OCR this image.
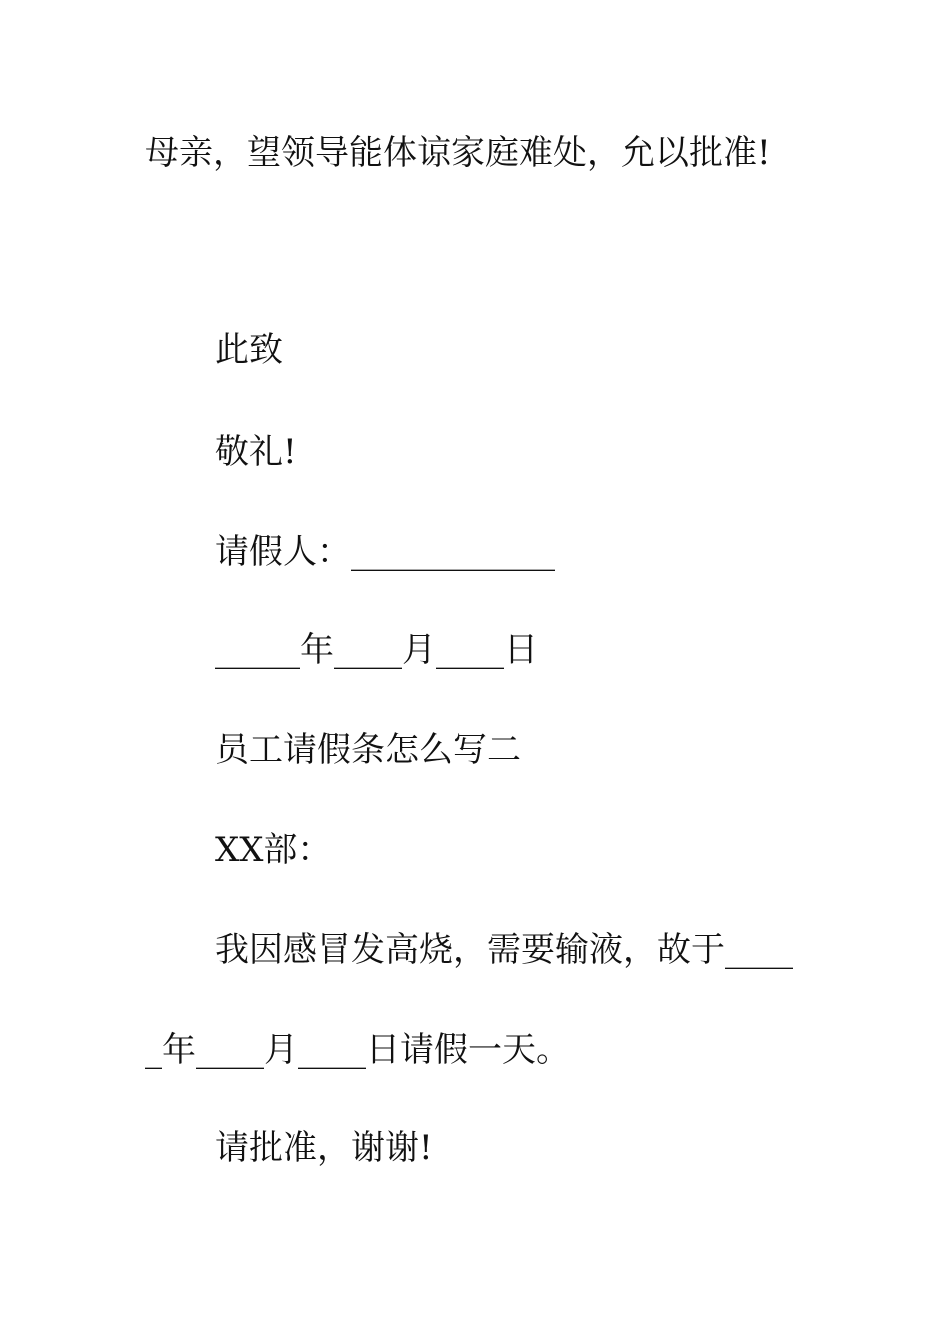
母亲，望领导能体谅家庭难处，允以批准!
此致
敬礼!
请假人：____________
_____年____月____日
员工请假条怎么写二
XX部：
我因感冒发高烧，需要输液，故于____
_年____月____日请假一天。
请批准，谢谢!
